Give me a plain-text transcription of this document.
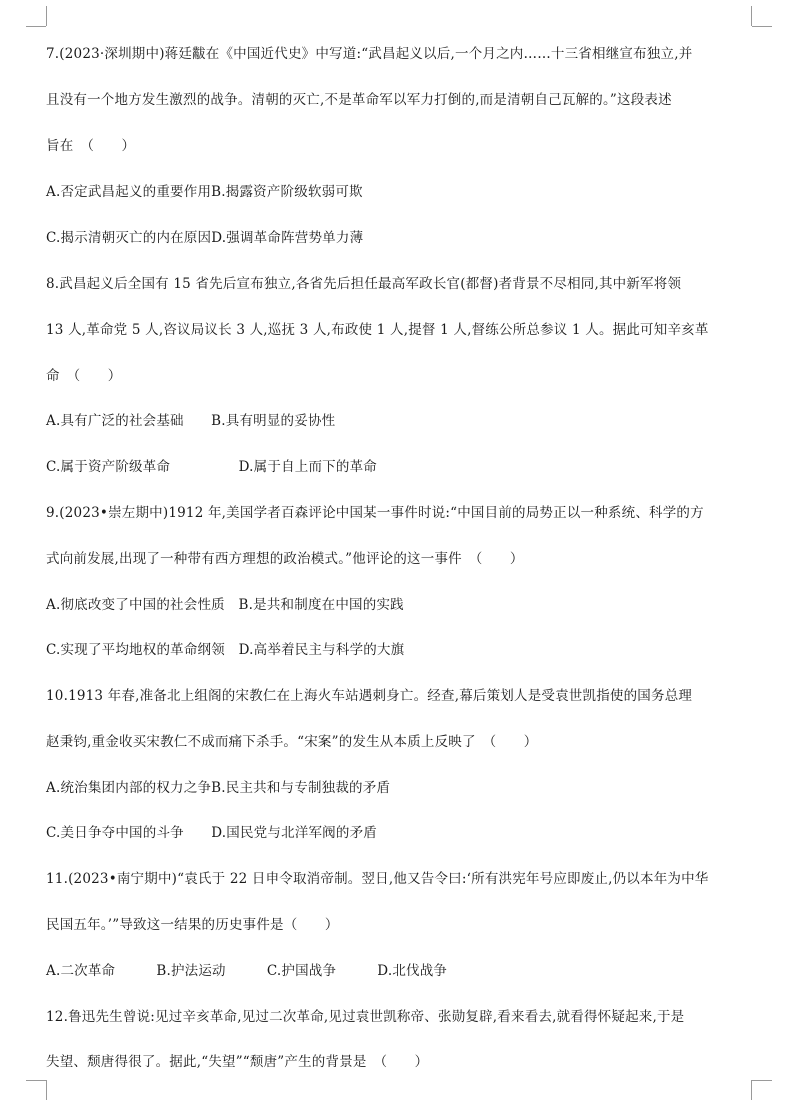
7.(2023·深圳期中)蒋廷黻在《中国近代史》中写道:“武昌起义以后,一个月之内……十三省相继宣布独立,并
且没有一个地方发生激烈的战争。清朝的灭亡,不是革命军以军力打倒的,而是清朝自己瓦解的。”这段表述
旨在　（　　）
A.否定武昌起义的重要作用B.揭露资产阶级软弱可欺
C.揭示清朝灭亡的内在原因D.强调革命阵营势单力薄
8.武昌起义后全国有 15 省先后宣布独立,各省先后担任最高军政长官(都督)者背景不尽相同,其中新军将领
13 人,革命党 5 人,咨议局议长 3 人,巡抚 3 人,布政使 1 人,提督 1 人,督练公所总参议 1 人。据此可知辛亥革
命　（　　）
A.具有广泛的社会基础　　B.具有明显的妥协性
C.属于资产阶级革命　　　　　D.属于自上而下的革命
9.(2023•崇左期中)1912 年,美国学者百森评论中国某一事件时说:“中国目前的局势正以一种系统、科学的方
式向前发展,出现了一种带有西方理想的政治模式。”他评论的这一事件　（　　）
A.彻底改变了中国的社会性质　B.是共和制度在中国的实践
C.实现了平均地权的革命纲领　D.高举着民主与科学的大旗
10.1913 年春,准备北上组阁的宋教仁在上海火车站遇刺身亡。经查,幕后策划人是受袁世凯指使的国务总理
赵秉钧,重金收买宋教仁不成而痛下杀手。“宋案”的发生从本质上反映了　（　　）
A.统治集团内部的权力之争B.民主共和与专制独裁的矛盾
C.美日争夺中国的斗争　　D.国民党与北洋军阀的矛盾
11.(2023•南宁期中)“袁氏于 22 日申令取消帝制。翌日,他又告令曰:‘所有洪宪年号应即废止,仍以本年为中华
民国五年。’”导致这一结果的历史事件是（　　）
A.二次革命　　　B.护法运动　　　C.护国战争　　　D.北伐战争
12.鲁迅先生曾说:见过辛亥革命,见过二次革命,见过袁世凯称帝、张勋复辟,看来看去,就看得怀疑起来,于是
失望、颓唐得很了。据此,“失望”“颓唐”产生的背景是　（　　）
